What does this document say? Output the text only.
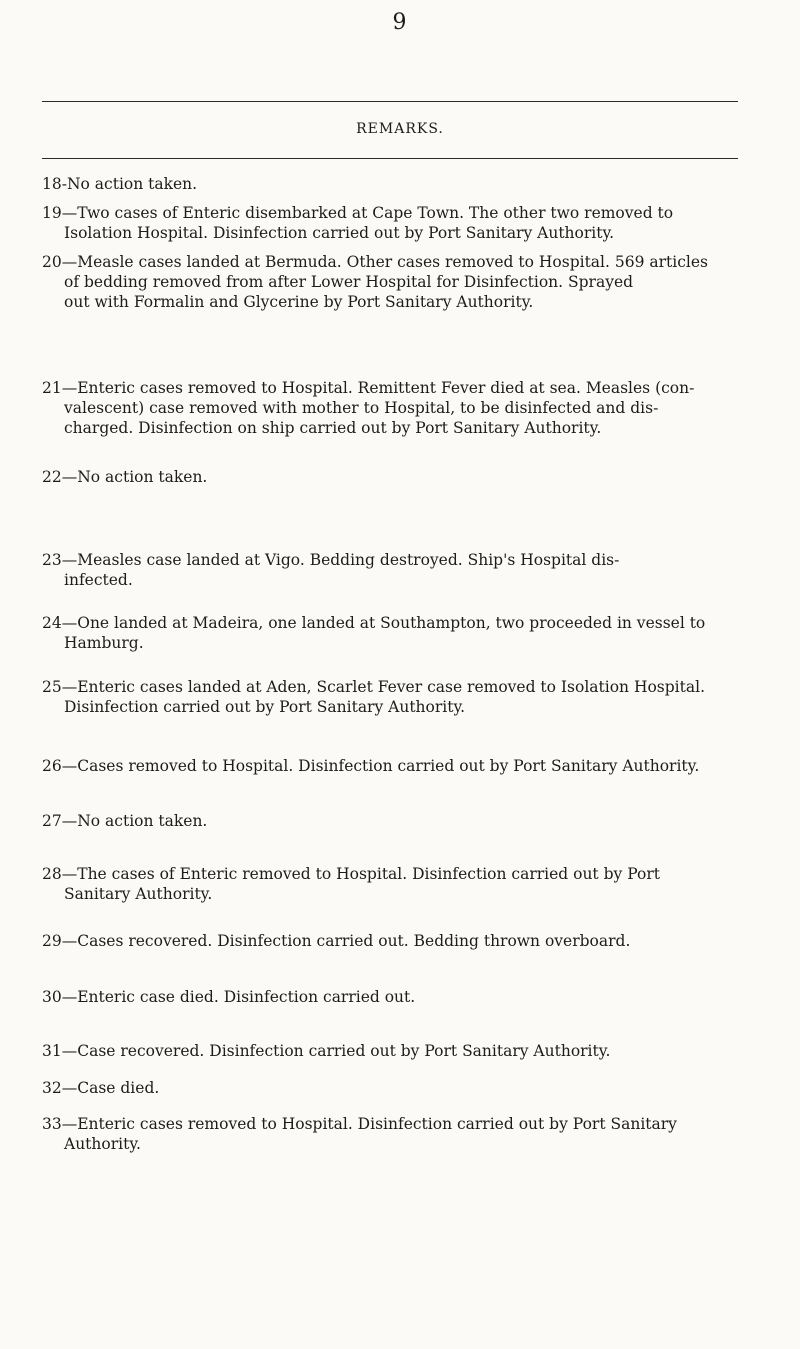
9
REMARKS.
18-No action taken.
19—Two cases of Enteric disembarked at Cape Town. The other two removed to
Isolation Hospital. Disinfection carried out by Port Sanitary Authority.
20—Measle cases landed at Bermuda. Other cases removed to Hospital. 569 articles
of bedding removed from after Lower Hospital for Disinfection. Sprayed
out with Formalin and Glycerine by Port Sanitary Authority.
21—Enteric cases removed to Hospital. Remittent Fever died at sea. Measles (con-
valescent) case removed with mother to Hospital, to be disinfected and dis-
charged. Disinfection on ship carried out by Port Sanitary Authority.
22—No action taken.
23—Measles case landed at Vigo. Bedding destroyed. Ship's Hospital dis-
infected.
24—One landed at Madeira, one landed at Southampton, two proceeded in vessel to
Hamburg.
25—Enteric cases landed at Aden, Scarlet Fever case removed to Isolation Hospital.
Disinfection carried out by Port Sanitary Authority.
26—Cases removed to Hospital. Disinfection carried out by Port Sanitary Authority.
27—No action taken.
28—The cases of Enteric removed to Hospital. Disinfection carried out by Port
Sanitary Authority.
29—Cases recovered. Disinfection carried out. Bedding thrown overboard.
30—Enteric case died. Disinfection carried out.
31—Case recovered. Disinfection carried out by Port Sanitary Authority.
32—Case died.
33—Enteric cases removed to Hospital. Disinfection carried out by Port Sanitary
Authority.
